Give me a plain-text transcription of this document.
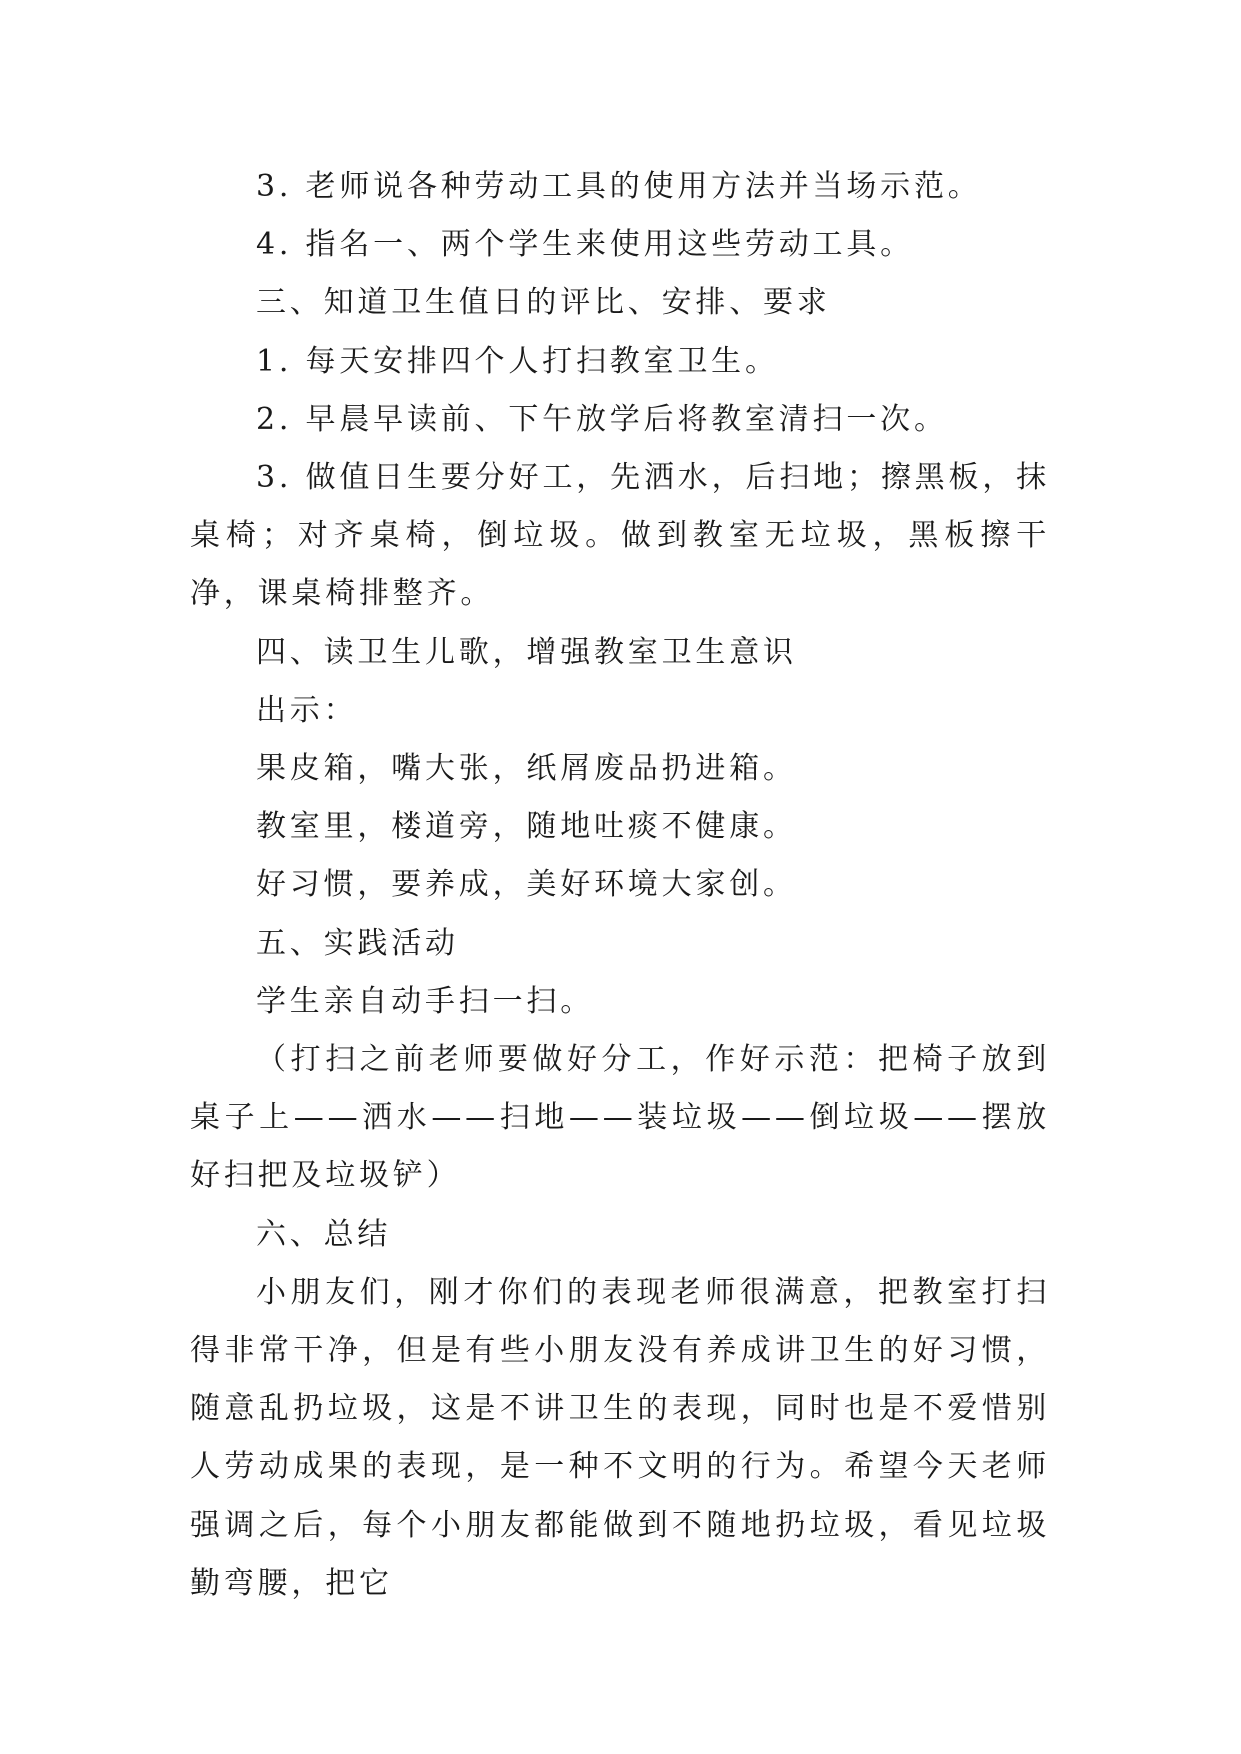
3. 老师说各种劳动工具的使用方法并当场示范。

4. 指名一、两个学生来使用这些劳动工具。

三、知道卫生值日的评比、安排、要求

1. 每天安排四个人打扫教室卫生。

2. 早晨早读前、下午放学后将教室清扫一次。

3. 做值日生要分好工，先洒水，后扫地；擦黑板，抹桌椅；对齐桌椅，倒垃圾。做到教室无垃圾，黑板擦干净，课桌椅排整齐。

四、读卫生儿歌，增强教室卫生意识

出示：

果皮箱，嘴大张，纸屑废品扔进箱。

教室里，楼道旁，随地吐痰不健康。

好习惯，要养成，美好环境大家创。

五、实践活动

学生亲自动手扫一扫。

（打扫之前老师要做好分工，作好示范：把椅子放到桌子上——洒水——扫地——装垃圾——倒垃圾——摆放好扫把及垃圾铲）

六、总结

小朋友们，刚才你们的表现老师很满意，把教室打扫得非常干净，但是有些小朋友没有养成讲卫生的好习惯，随意乱扔垃圾，这是不讲卫生的表现，同时也是不爱惜别人劳动成果的表现，是一种不文明的行为。希望今天老师强调之后，每个小朋友都能做到不随地扔垃圾，看见垃圾勤弯腰，把它
